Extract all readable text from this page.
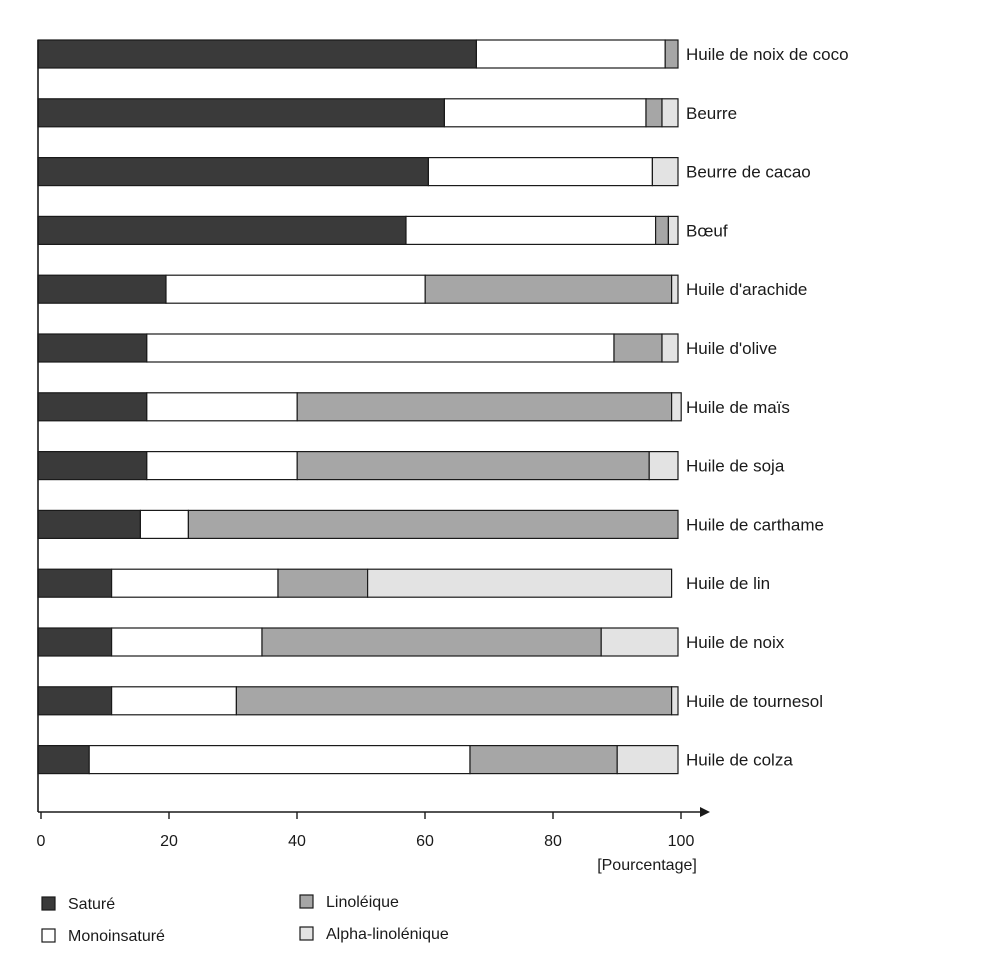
Huile de noix de coco
Beurre
Beurre de cacao
Bœuf
Huile d'arachide
Huile d'olive
Huile de maïs
Huile de soja
Huile de carthame
Huile de lin
Huile de noix
Huile de tournesol
Huile de colza
0	20	40	60	80	100
[Pourcentage]
Saturé
Monoinsaturé
Linoléique
Alpha-linolénique
